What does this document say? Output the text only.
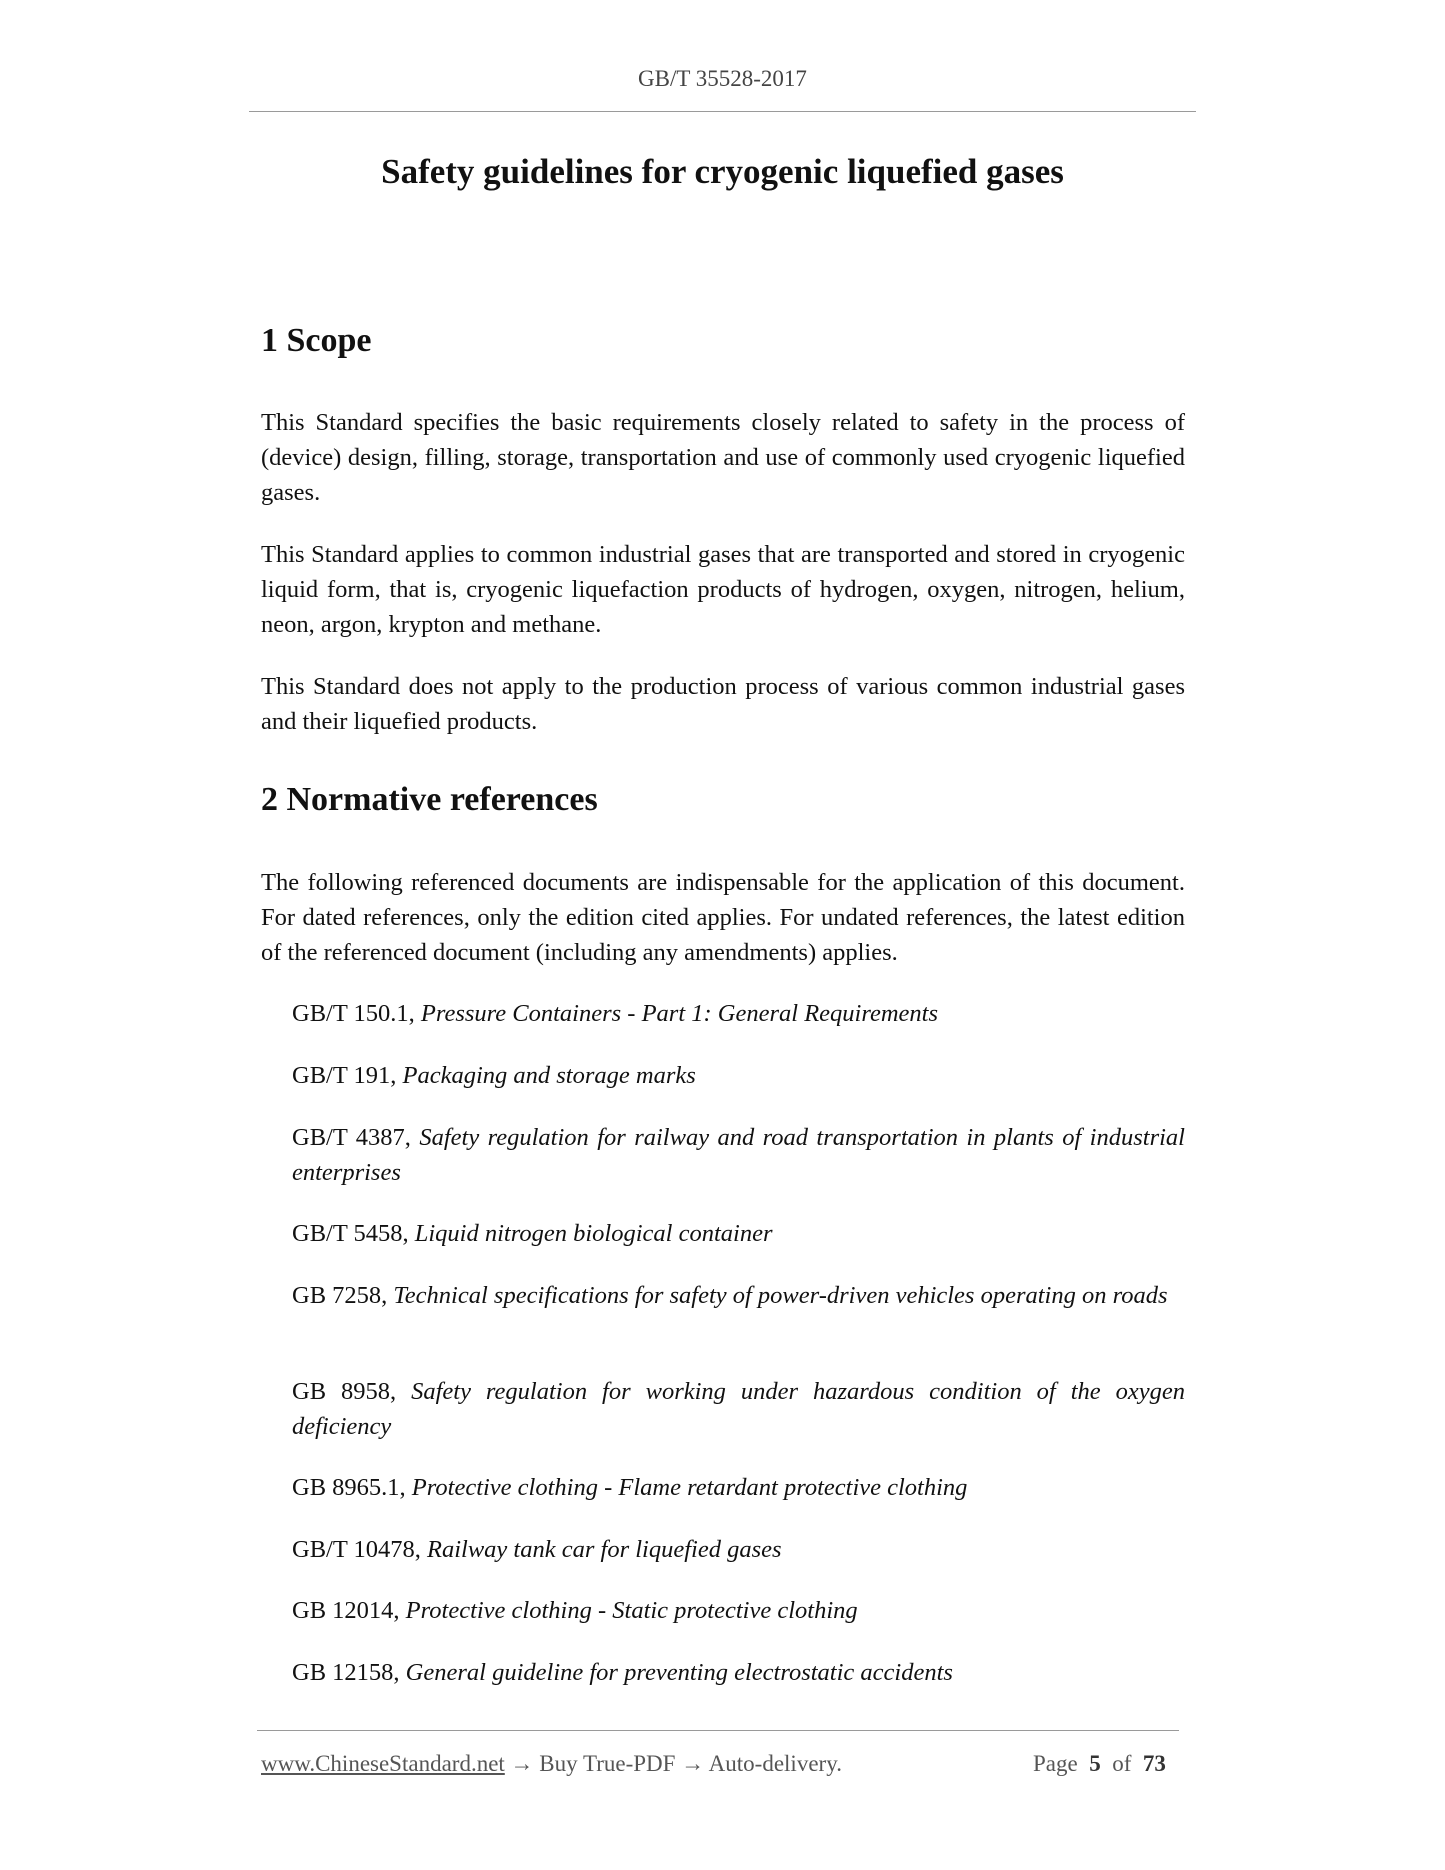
GB/T 35528-2017
Safety guidelines for cryogenic liquefied gases
1 Scope

This Standard specifies the basic requirements closely related to safety in the process of (device) design, filling, storage, transportation and use of commonly used cryogenic liquefied gases.

This Standard applies to common industrial gases that are transported and stored in cryogenic liquid form, that is, cryogenic liquefaction products of hydrogen, oxygen, nitrogen, helium, neon, argon, krypton and methane.

This Standard does not apply to the production process of various common industrial gases and their liquefied products.

2 Normative references

The following referenced documents are indispensable for the application of this document. For dated references, only the edition cited applies. For undated references, the latest edition of the referenced document (including any amendments) applies.

GB/T 150.1, Pressure Containers - Part 1: General Requirements

GB/T 191, Packaging and storage marks

GB/T 4387, Safety regulation for railway and road transportation in plants of industrial enterprises

GB/T 5458, Liquid nitrogen biological container

GB 7258, Technical specifications for safety of power-driven vehicles operating on roads

GB 8958, Safety regulation for working under hazardous condition of the oxygen deficiency

GB 8965.1, Protective clothing - Flame retardant protective clothing

GB/T 10478, Railway tank car for liquefied gases

GB 12014, Protective clothing - Static protective clothing

GB 12158, General guideline for preventing electrostatic accidents

www.ChineseStandard.net → Buy True-PDF → Auto-delivery.	Page 5 of 73
